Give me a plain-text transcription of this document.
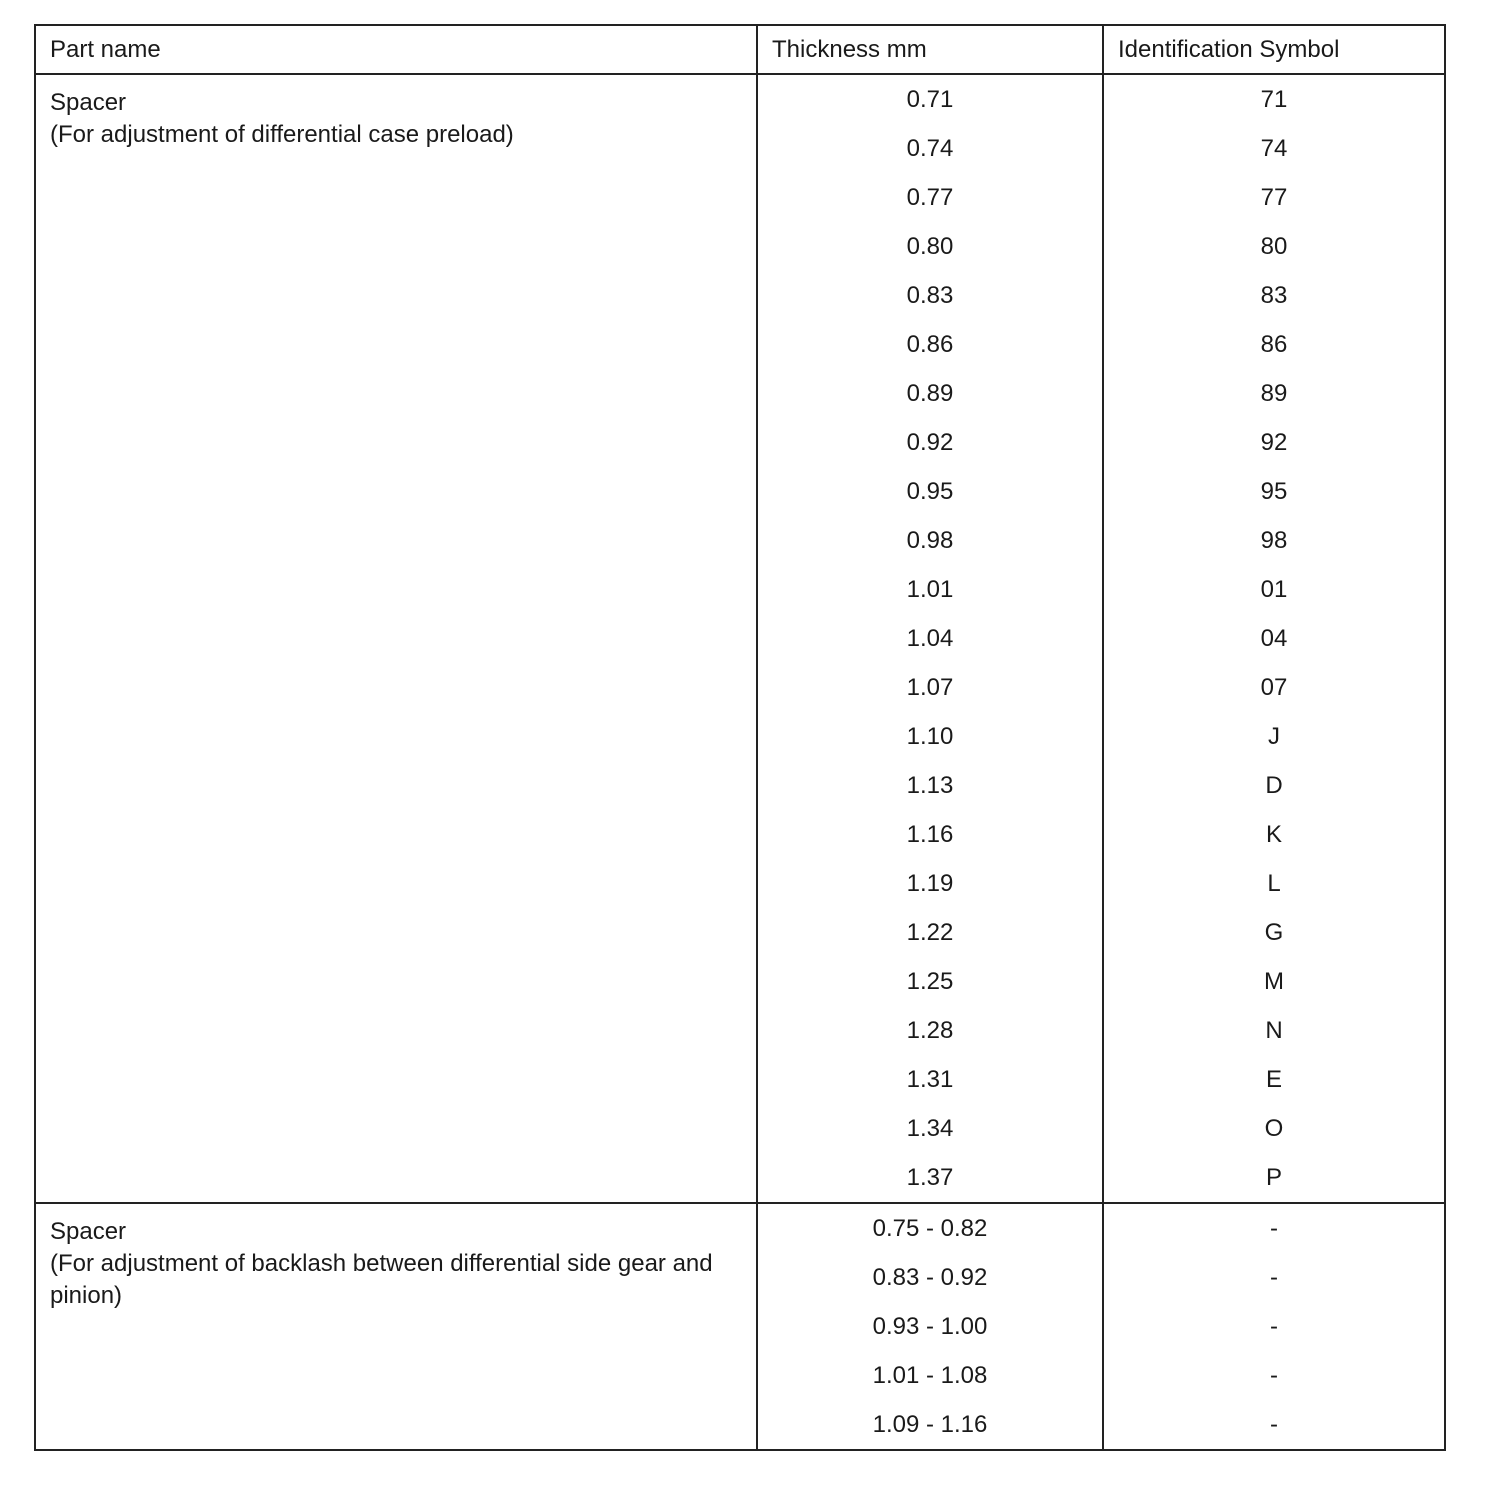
Part name	Thickness mm	Identification Symbol

Spacer
(For adjustment of differential case preload)	0.71	71
	0.74	74
	0.77	77
	0.80	80
	0.83	83
	0.86	86
	0.89	89
	0.92	92
	0.95	95
	0.98	98
	1.01	01
	1.04	04
	1.07	07
	1.10	J
	1.13	D
	1.16	K
	1.19	L
	1.22	G
	1.25	M
	1.28	N
	1.31	E
	1.34	O
	1.37	P

Spacer
(For adjustment of backlash between differential side gear and pinion)	0.75 - 0.82	-
	0.83 - 0.92	-
	0.93 - 1.00	-
	1.01 - 1.08	-
	1.09 - 1.16	-
